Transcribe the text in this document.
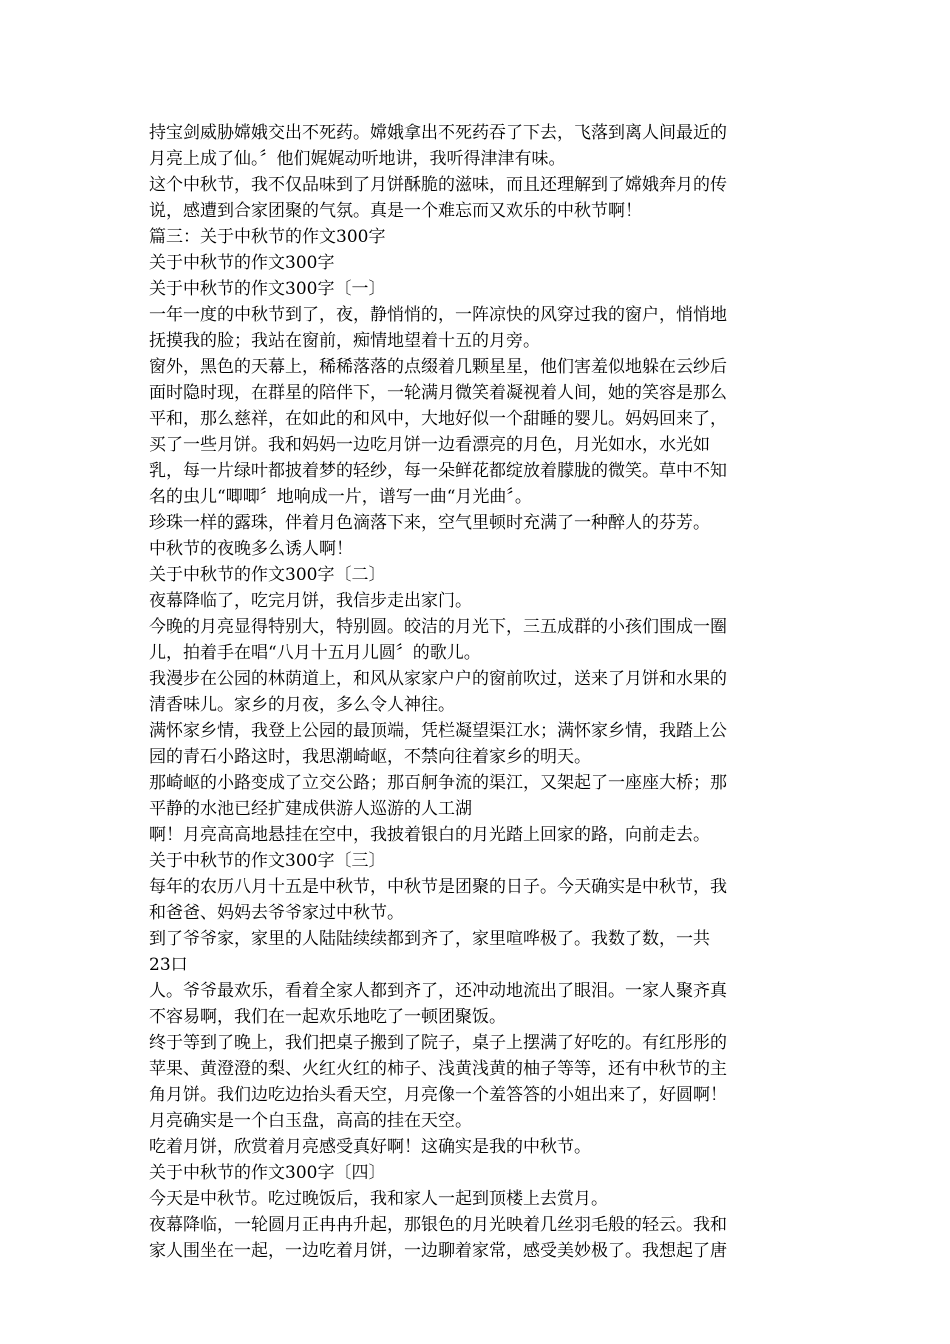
持宝剑威胁嫦娥交出不死药。嫦娥拿出不死药吞了下去，飞落到离人间最近的
月亮上成了仙。〞他们娓娓动听地讲，我听得津津有味。
这个中秋节，我不仅品味到了月饼酥脆的滋味，而且还理解到了嫦娥奔月的传
说，感遭到合家团聚的气氛。真是一个难忘而又欢乐的中秋节啊！
篇三：关于中秋节的作文300字
关于中秋节的作文300字
关于中秋节的作文300字〔一〕
一年一度的中秋节到了，夜，静悄悄的，一阵凉快的风穿过我的窗户，悄悄地
抚摸我的脸；我站在窗前，痴情地望着十五的月旁。
窗外，黑色的天幕上，稀稀落落的点缀着几颗星星，他们害羞似地躲在云纱后
面时隐时现，在群星的陪伴下，一轮满月微笑着凝视着人间，她的笑容是那么
平和，那么慈祥，在如此的和风中，大地好似一个甜睡的婴儿。妈妈回来了，
买了一些月饼。我和妈妈一边吃月饼一边看漂亮的月色，月光如水，水光如
乳，每一片绿叶都披着梦的轻纱，每一朵鲜花都绽放着朦胧的微笑。草中不知
名的虫儿“唧唧〞地响成一片，谱写一曲“月光曲〞。
珍珠一样的露珠，伴着月色滴落下来，空气里顿时充满了一种醉人的芬芳。
中秋节的夜晚多么诱人啊！
关于中秋节的作文300字〔二〕
夜幕降临了，吃完月饼，我信步走出家门。
今晚的月亮显得特别大，特别圆。皎洁的月光下，三五成群的小孩们围成一圈
儿，拍着手在唱“八月十五月儿圆〞的歌儿。
我漫步在公园的林荫道上，和风从家家户户的窗前吹过，送来了月饼和水果的
清香味儿。家乡的月夜，多么令人神往。
满怀家乡情，我登上公园的最顶端，凭栏凝望渠江水；满怀家乡情，我踏上公
园的青石小路这时，我思潮崎岖，不禁向往着家乡的明天。
那崎岖的小路变成了立交公路；那百舸争流的渠江，又架起了一座座大桥；那
平静的水池已经扩建成供游人巡游的人工湖
啊！月亮高高地悬挂在空中，我披着银白的月光踏上回家的路，向前走去。
关于中秋节的作文300字〔三〕
每年的农历八月十五是中秋节，中秋节是团聚的日子。今天确实是中秋节，我
和爸爸、妈妈去爷爷家过中秋节。
到了爷爷家，家里的人陆陆续续都到齐了，家里喧哗极了。我数了数，一共
23口
人。爷爷最欢乐，看着全家人都到齐了，还冲动地流出了眼泪。一家人聚齐真
不容易啊，我们在一起欢乐地吃了一顿团聚饭。
终于等到了晚上，我们把桌子搬到了院子，桌子上摆满了好吃的。有红彤彤的
苹果、黄澄澄的梨、火红火红的柿子、浅黄浅黄的柚子等等，还有中秋节的主
角月饼。我们边吃边抬头看天空，月亮像一个羞答答的小姐出来了，好圆啊！
月亮确实是一个白玉盘，高高的挂在天空。
吃着月饼，欣赏着月亮感受真好啊！这确实是我的中秋节。
关于中秋节的作文300字〔四〕
今天是中秋节。吃过晚饭后，我和家人一起到顶楼上去赏月。
夜幕降临，一轮圆月正冉冉升起，那银色的月光映着几丝羽毛般的轻云。我和
家人围坐在一起，一边吃着月饼，一边聊着家常，感受美妙极了。我想起了唐
